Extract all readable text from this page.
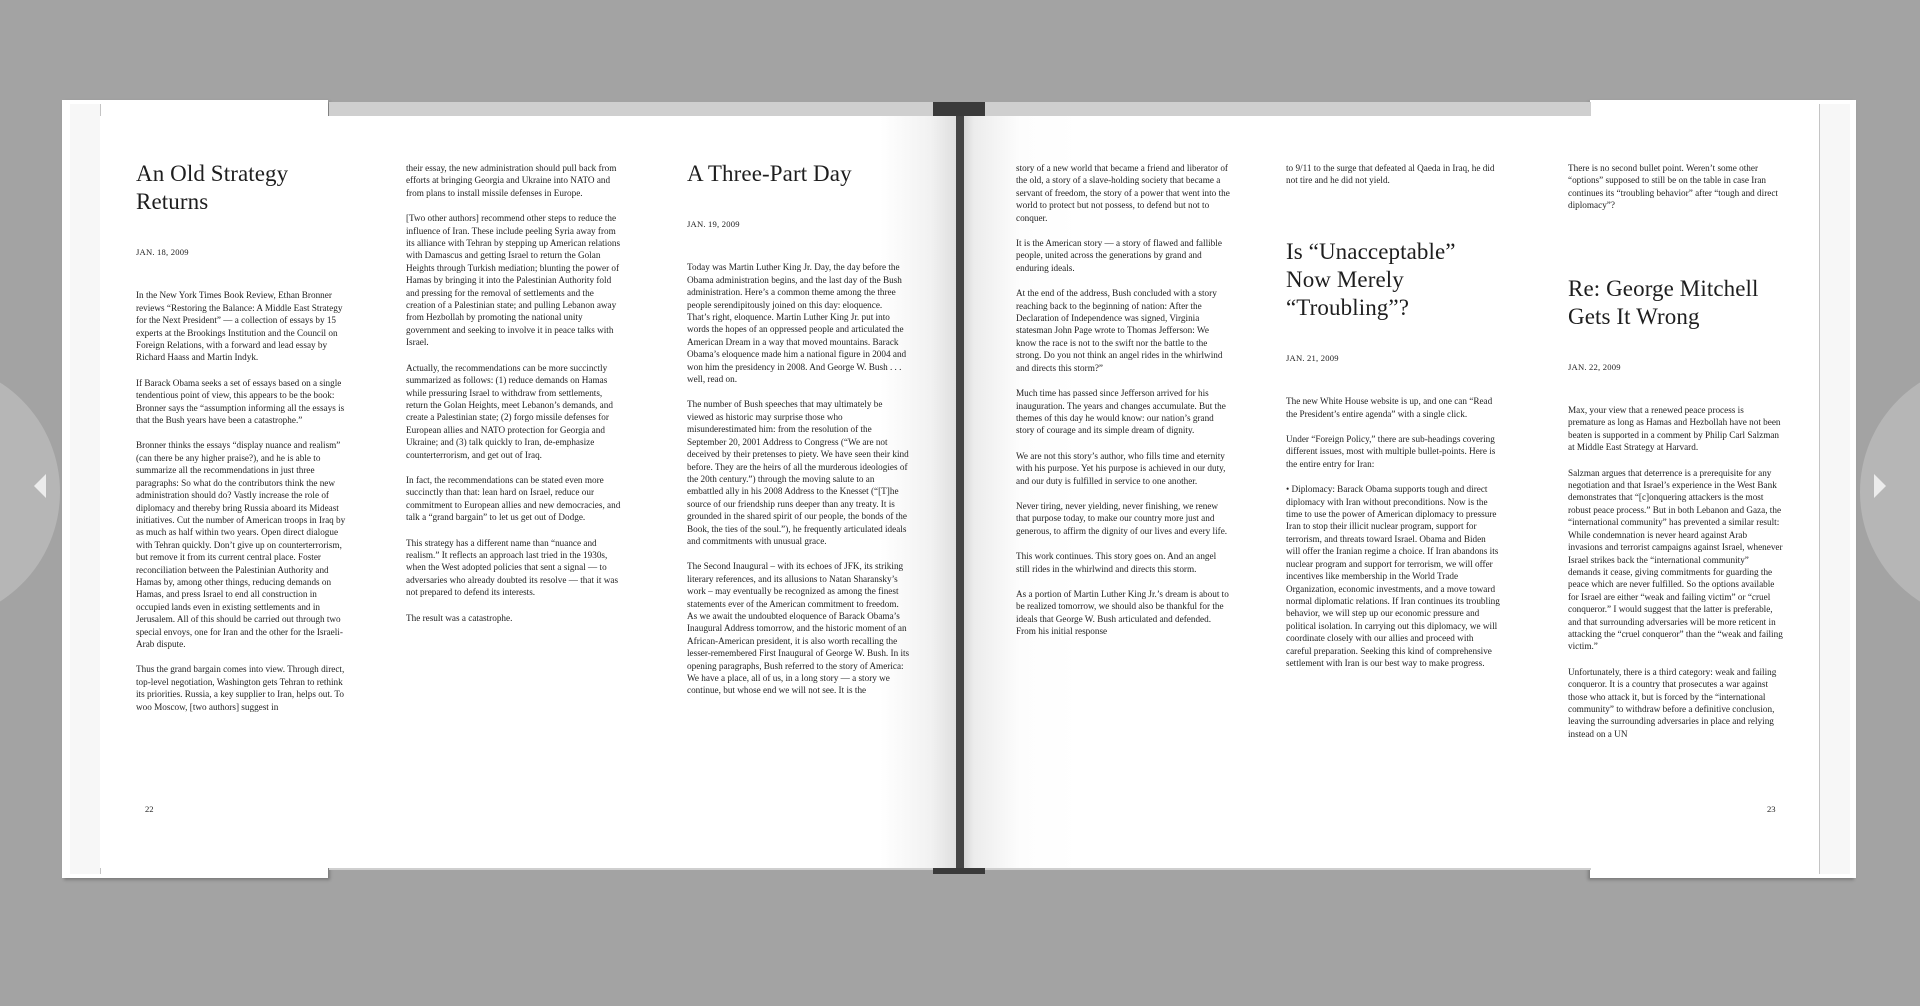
An Old Strategy Returns
JAN. 18, 2009

In the New York Times Book Review, Ethan Bronner reviews “Restoring the Balance: A Middle East Strategy for the Next President” — a collection of essays by 15 experts at the Brookings Institution and the Council on Foreign Relations, with a forward and lead essay by Richard Haass and Martin Indyk.

If Barack Obama seeks a set of essays based on a single tendentious point of view, this appears to be the book: Bronner says the “assumption informing all the essays is that the Bush years have been a catastrophe.”

Bronner thinks the essays “display nuance and realism” (can there be any higher praise?), and he is able to summarize all the recommendations in just three paragraphs: So what do the contributors think the new administration should do? Vastly increase the role of diplomacy and thereby bring Russia aboard its Mideast initiatives. Cut the number of American troops in Iraq by as much as half within two years. Open direct dialogue with Tehran quickly. Don’t give up on counterterrorism, but remove it from its current central place. Foster reconciliation between the Palestinian Authority and Hamas by, among other things, reducing demands on Hamas, and press Israel to end all construction in occupied lands even in existing settlements and in Jerusalem. All of this should be carried out through two special envoys, one for Iran and the other for the Israeli-Arab dispute.

Thus the grand bargain comes into view. Through direct, top-level negotiation, Washington gets Tehran to rethink its priorities. Russia, a key supplier to Iran, helps out. To woo Moscow, [two authors] suggest in

their essay, the new administration should pull back from efforts at bringing Georgia and Ukraine into NATO and from plans to install missile defenses in Europe.

[Two other authors] recommend other steps to reduce the influence of Iran. These include peeling Syria away from its alliance with Tehran by stepping up American relations with Damascus and getting Israel to return the Golan Heights through Turkish mediation; blunting the power of Hamas by bringing it into the Palestinian Authority fold and pressing for the removal of settlements and the creation of a Palestinian state; and pulling Lebanon away from Hezbollah by promoting the national unity government and seeking to involve it in peace talks with Israel.

Actually, the recommendations can be more succinctly summarized as follows: (1) reduce demands on Hamas while pressuring Israel to withdraw from settlements, return the Golan Heights, meet Lebanon’s demands, and create a Palestinian state; (2) forgo missile defenses for European allies and NATO protection for Georgia and Ukraine; and (3) talk quickly to Iran, de-emphasize counterterrorism, and get out of Iraq.

In fact, the recommendations can be stated even more succinctly than that: lean hard on Israel, reduce our commitment to European allies and new democracies, and talk a “grand bargain” to let us get out of Dodge.

This strategy has a different name than “nuance and realism.” It reflects an approach last tried in the 1930s, when the West adopted policies that sent a signal — to adversaries who already doubted its resolve — that it was not prepared to defend its interests.

The result was a catastrophe.

A Three-Part Day
JAN. 19, 2009

Today was Martin Luther King Jr. Day, the day before the Obama administration begins, and the last day of the Bush administration. Here’s a common theme among the three people serendipitously joined on this day: eloquence.
That’s right, eloquence. Martin Luther King Jr. put into words the hopes of an oppressed people and articulated the American Dream in a way that moved mountains. Barack Obama’s eloquence made him a national figure in 2004 and won him the presidency in 2008. And George W. Bush . . . well, read on.

The number of Bush speeches that may ultimately be viewed as historic may surprise those who misunderestimated him: from the resolution of the September 20, 2001 Address to Congress (“We are not deceived by their pretenses to piety. We have seen their kind before. They are the heirs of all the murderous ideologies of the 20th century.”) through the moving salute to an embattled ally in his 2008 Address to the Knesset (“[T]he source of our friendship runs deeper than any treaty. It is grounded in the shared spirit of our people, the bonds of the Book, the ties of the soul.”), he frequently articulated ideals and commitments with unusual grace.

The Second Inaugural – with its echoes of JFK, its striking literary references, and its allusions to Natan Sharansky’s work – may eventually be recognized as among the finest statements ever of the American commitment to freedom.
As we await the undoubted eloquence of Barack Obama’s Inaugural Address tomorrow, and the historic moment of an African-American president, it is also worth recalling the lesser-remembered First Inaugural of George W. Bush. In its opening paragraphs, Bush referred to the story of America: We have a place, all of us, in a long story — a story we continue, but whose end we will not see. It is the

22

story of a new world that became a friend and liberator of the old, a story of a slave-holding society that became a servant of freedom, the story of a power that went into the world to protect but not possess, to defend but not to conquer.

It is the American story — a story of flawed and fallible people, united across the generations by grand and enduring ideals.

At the end of the address, Bush concluded with a story reaching back to the beginning of nation: After the Declaration of Independence was signed, Virginia statesman John Page wrote to Thomas Jefferson: We know the race is not to the swift nor the battle to the strong. Do you not think an angel rides in the whirlwind and directs this storm?”

Much time has passed since Jefferson arrived for his inauguration. The years and changes accumulate. But the themes of this day he would know: our nation’s grand story of courage and its simple dream of dignity.

We are not this story’s author, who fills time and eternity with his purpose. Yet his purpose is achieved in our duty, and our duty is fulfilled in service to one another.

Never tiring, never yielding, never finishing, we renew that purpose today, to make our country more just and generous, to affirm the dignity of our lives and every life.

This work continues. This story goes on. And an angel still rides in the whirlwind and directs this storm.

As a portion of Martin Luther King Jr.’s dream is about to be realized tomorrow, we should also be thankful for the ideals that George W. Bush articulated and defended. From his initial response

to 9/11 to the surge that defeated al Qaeda in Iraq, he did not tire and he did not yield.

Is “Unacceptable” Now Merely “Troubling”?
JAN. 21, 2009

The new White House website is up, and one can “Read the President’s entire agenda” with a single click.

Under “Foreign Policy,” there are sub-headings covering different issues, most with multiple bullet-points. Here is the entire entry for Iran:

• Diplomacy: Barack Obama supports tough and direct diplomacy with Iran without preconditions. Now is the time to use the power of American diplomacy to pressure Iran to stop their illicit nuclear program, support for terrorism, and threats toward Israel. Obama and Biden will offer the Iranian regime a choice. If Iran abandons its nuclear program and support for terrorism, we will offer incentives like membership in the World Trade Organization, economic investments, and a move toward normal diplomatic relations. If Iran continues its troubling behavior, we will step up our economic pressure and political isolation. In carrying out this diplomacy, we will coordinate closely with our allies and proceed with careful preparation. Seeking this kind of comprehensive settlement with Iran is our best way to make progress.

There is no second bullet point. Weren’t some other “options” supposed to still be on the table in case Iran continues its “troubling behavior” after “tough and direct diplomacy”?

Re: George Mitchell Gets It Wrong
JAN. 22, 2009

Max, your view that a renewed peace process is premature as long as Hamas and Hezbollah have not been beaten is supported in a comment by Philip Carl Salzman at Middle East Strategy at Harvard.

Salzman argues that deterrence is a prerequisite for any negotiation and that Israel’s experience in the West Bank demonstrates that “[c]onquering attackers is the most robust peace process.” But in both Lebanon and Gaza, the “international community” has prevented a similar result: While condemnation is never heard against Arab invasions and terrorist campaigns against Israel, whenever Israel strikes back the “international community” demands it cease, giving commitments for guarding the peace which are never fulfilled. So the options available for Israel are either “weak and failing victim” or “cruel conqueror.” I would suggest that the latter is preferable, and that surrounding adversaries will be more reticent in attacking the “cruel conqueror” than the “weak and failing victim.”

Unfortunately, there is a third category: weak and failing conqueror. It is a country that prosecutes a war against those who attack it, but is forced by the “international community” to withdraw before a definitive conclusion, leaving the surrounding adversaries in place and relying instead on a UN

23
